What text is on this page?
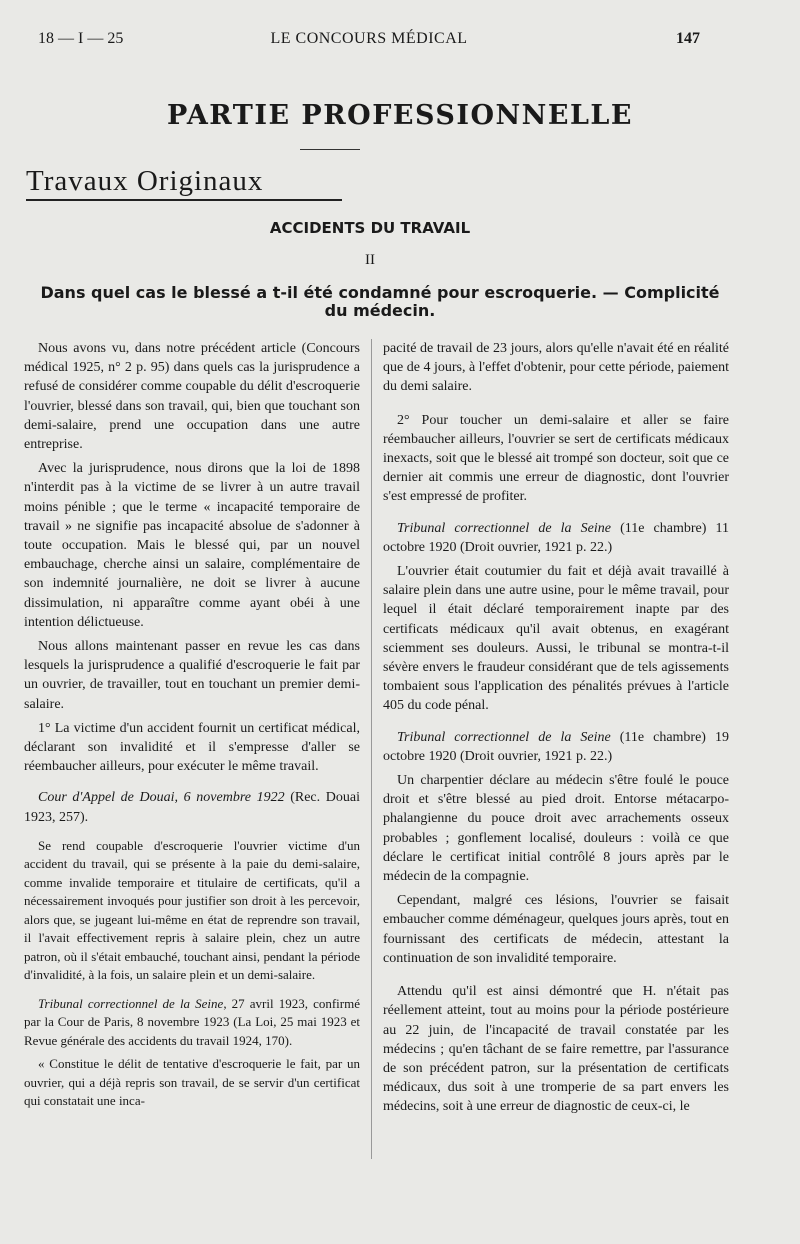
18 — I — 25	LE CONCOURS MÉDICAL	147
PARTIE PROFESSIONNELLE
Travaux Originaux
ACCIDENTS DU TRAVAIL
II
Dans quel cas le blessé a t-il été condamné pour escroquerie. — Complicité du médecin.

Nous avons vu, dans notre précédent article (Concours médical 1925, n° 2 p. 95) dans quels cas la jurisprudence a refusé de considérer comme coupable du délit d'escroquerie l'ouvrier, blessé dans son travail, qui, bien que touchant son demi-salaire, prend une occupation dans une autre entreprise.

Avec la jurisprudence, nous dirons que la loi de 1898 n'interdit pas à la victime de se livrer à un autre travail moins pénible ; que le terme « incapacité temporaire de travail » ne signifie pas incapacité absolue de s'adonner à toute occupation. Mais le blessé qui, par un nouvel embauchage, cherche ainsi un salaire, complémentaire de son indemnité journalière, ne doit se livrer à aucune dissimulation, ni apparaître comme ayant obéi à une intention délictueuse.

Nous allons maintenant passer en revue les cas dans lesquels la jurisprudence a qualifié d'escroquerie le fait par un ouvrier, de travailler, tout en touchant un premier demi-salaire.

1° La victime d'un accident fournit un certificat médical, déclarant son invalidité et il s'empresse d'aller se réembaucher ailleurs, pour exécuter le même travail.

Cour d'Appel de Douai, 6 novembre 1922 (Rec. Douai 1923, 257).

Se rend coupable d'escroquerie l'ouvrier victime d'un accident du travail, qui se présente à la paie du demi-salaire, comme invalide temporaire et titulaire de certificats, qu'il a nécessairement invoqués pour justifier son droit à les percevoir, alors que, se jugeant lui-même en état de reprendre son travail, il l'avait effectivement repris à salaire plein, chez un autre patron, où il s'était embauché, touchant ainsi, pendant la période d'invalidité, à la fois, un salaire plein et un demi-salaire.

Tribunal correctionnel de la Seine, 27 avril 1923, confirmé par la Cour de Paris, 8 novembre 1923 (La Loi, 25 mai 1923 et Revue générale des accidents du travail 1924, 170).

« Constitue le délit de tentative d'escroquerie le fait, par un ouvrier, qui a déjà repris son travail, de se servir d'un certificat qui constatait une inca-

pacité de travail de 23 jours, alors qu'elle n'avait été en réalité que de 4 jours, à l'effet d'obtenir, pour cette période, paiement du demi salaire.

2° Pour toucher un demi-salaire et aller se faire réembaucher ailleurs, l'ouvrier se sert de certificats médicaux inexacts, soit que le blessé ait trompé son docteur, soit que ce dernier ait commis une erreur de diagnostic, dont l'ouvrier s'est empressé de profiter.

Tribunal correctionnel de la Seine (11e chambre) 11 octobre 1920 (Droit ouvrier, 1921 p. 22.)

L'ouvrier était coutumier du fait et déjà avait travaillé à salaire plein dans une autre usine, pour le même travail, pour lequel il était déclaré temporairement inapte par des certificats médicaux qu'il avait obtenus, en exagérant sciemment ses douleurs. Aussi, le tribunal se montra-t-il sévère envers le fraudeur considérant que de tels agissements tombaient sous l'application des pénalités prévues à l'article 405 du code pénal.

Tribunal correctionnel de la Seine (11e chambre) 19 octobre 1920 (Droit ouvrier, 1921 p. 22.)

Un charpentier déclare au médecin s'être foulé le pouce droit et s'être blessé au pied droit. Entorse métacarpo-phalangienne du pouce droit avec arrachements osseux probables ; gonflement localisé, douleurs : voilà ce que déclare le certificat initial contrôlé 8 jours après par le médecin de la compagnie.

Cependant, malgré ces lésions, l'ouvrier se faisait embaucher comme déménageur, quelques jours après, tout en fournissant des certificats de médecin, attestant la continuation de son invalidité temporaire.

Attendu qu'il est ainsi démontré que H. n'était pas réellement atteint, tout au moins pour la période postérieure au 22 juin, de l'incapacité de travail constatée par les médecins ; qu'en tâchant de se faire remettre, par l'assurance de son précédent patron, sur la présentation de certificats médicaux, dus soit à une tromperie de sa part envers les médecins, soit à une erreur de diagnostic de ceux-ci, le
